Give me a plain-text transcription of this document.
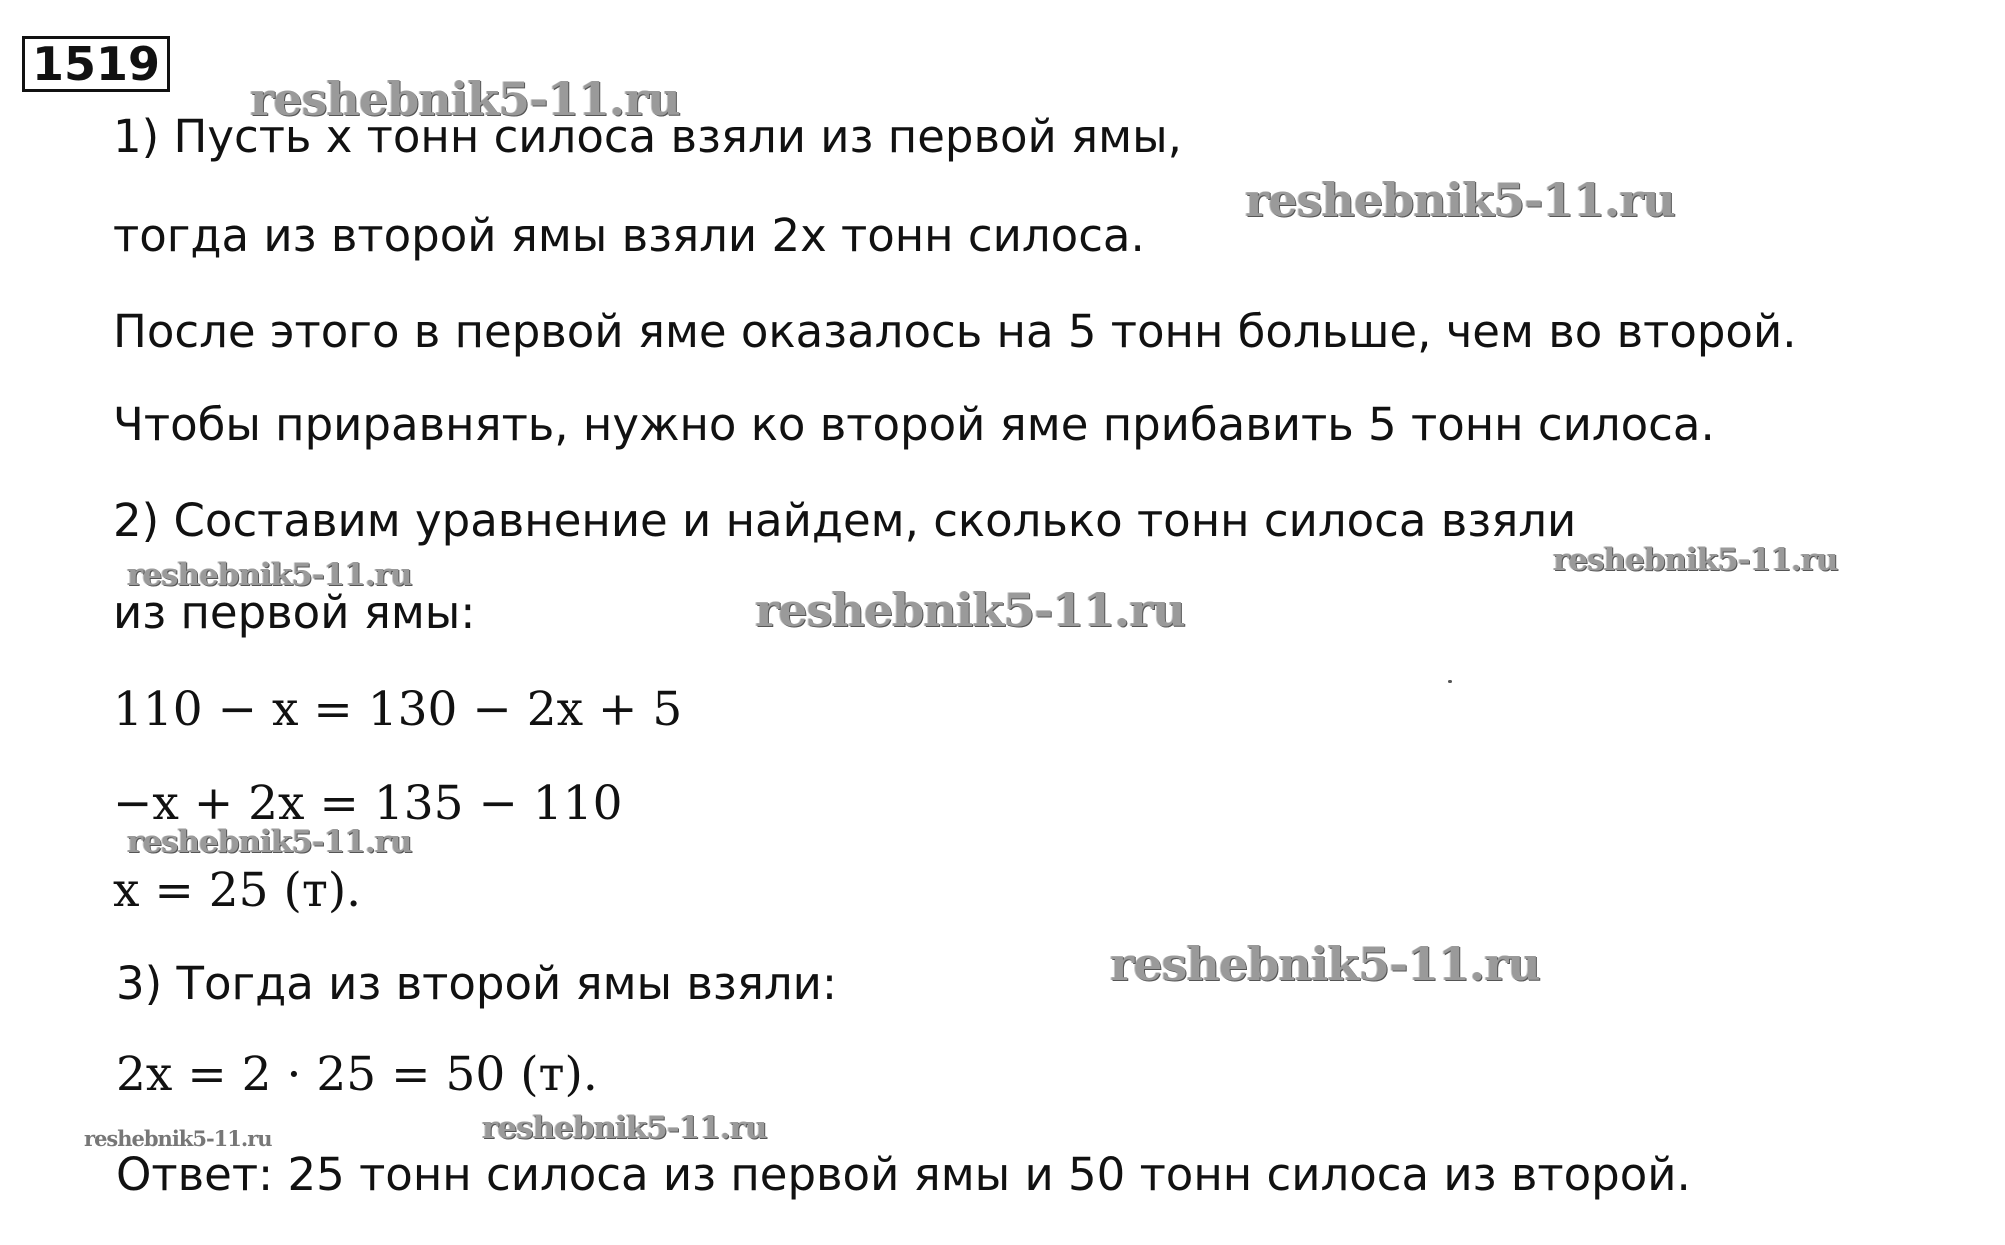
1519
1) Пусть x тонн силоса взяли из первой ямы,
тогда из второй ямы взяли 2x тонн силоса.
После этого в первой яме оказалось на 5 тонн больше, чем во второй.
Чтобы приравнять, нужно ко второй яме прибавить 5 тонн силоса.
2) Составим уравнение и найдем, сколько тонн силоса взяли
из первой ямы:
110 − x = 130 − 2x + 5
−x + 2x = 135 − 110
x = 25 (т).
3) Тогда из второй ямы взяли:
2x = 2 · 25 = 50 (т).
Ответ: 25 тонн силоса из первой ямы и 50 тонн силоса из второй.
reshebnik5-11.ru
reshebnik5-11.ru
reshebnik5-11.ru	reshebnik5-11.ru
reshebnik5-11.ru
reshebnik5-11.ru
reshebnik5-11.ru
reshebnik5-11.ru	reshebnik5-11.ru
